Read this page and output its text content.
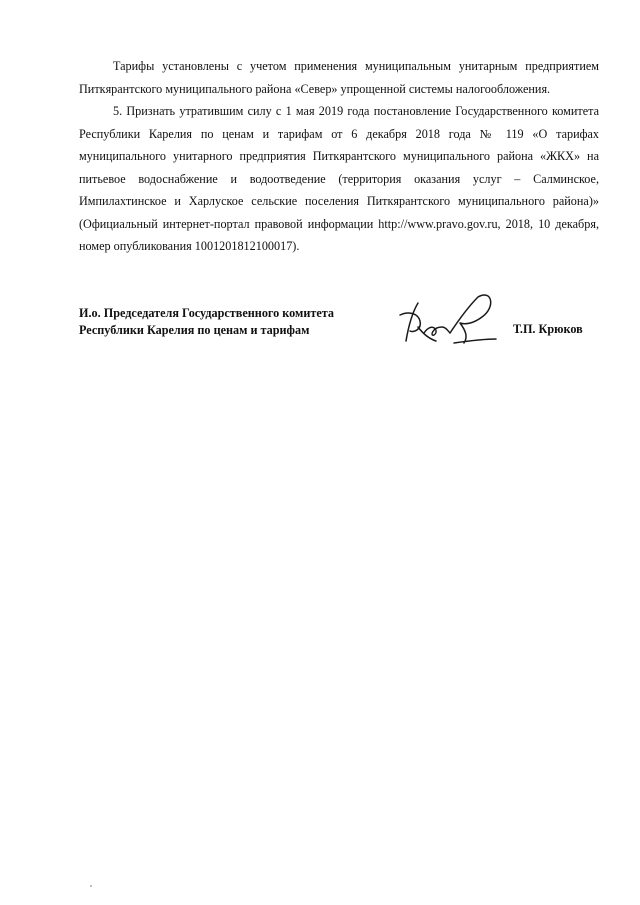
Тарифы установлены с учетом применения муниципальным унитарным предприятием Питкярантского муниципального района «Север» упрощенной системы налогообложения.

5. Признать утратившим силу с 1 мая 2019 года постановление Государственного комитета Республики Карелия по ценам и тарифам от 6 декабря 2018 года № 119 «О тарифах муниципального унитарного предприятия Питкярантского муниципального района «ЖКХ» на питьевое водоснабжение и водоотведение (территория оказания услуг – Салминское, Импилахтинское и Харлуское сельские поселения Питкярантского муниципального района)» (Официальный интернет-портал правовой информации http://www.pravo.gov.ru, 2018, 10 декабря, номер опубликования 1001201812100017).

И.о. Председателя Государственного комитета
Республики Карелия по ценам и тарифам	Т.П. Крюков
